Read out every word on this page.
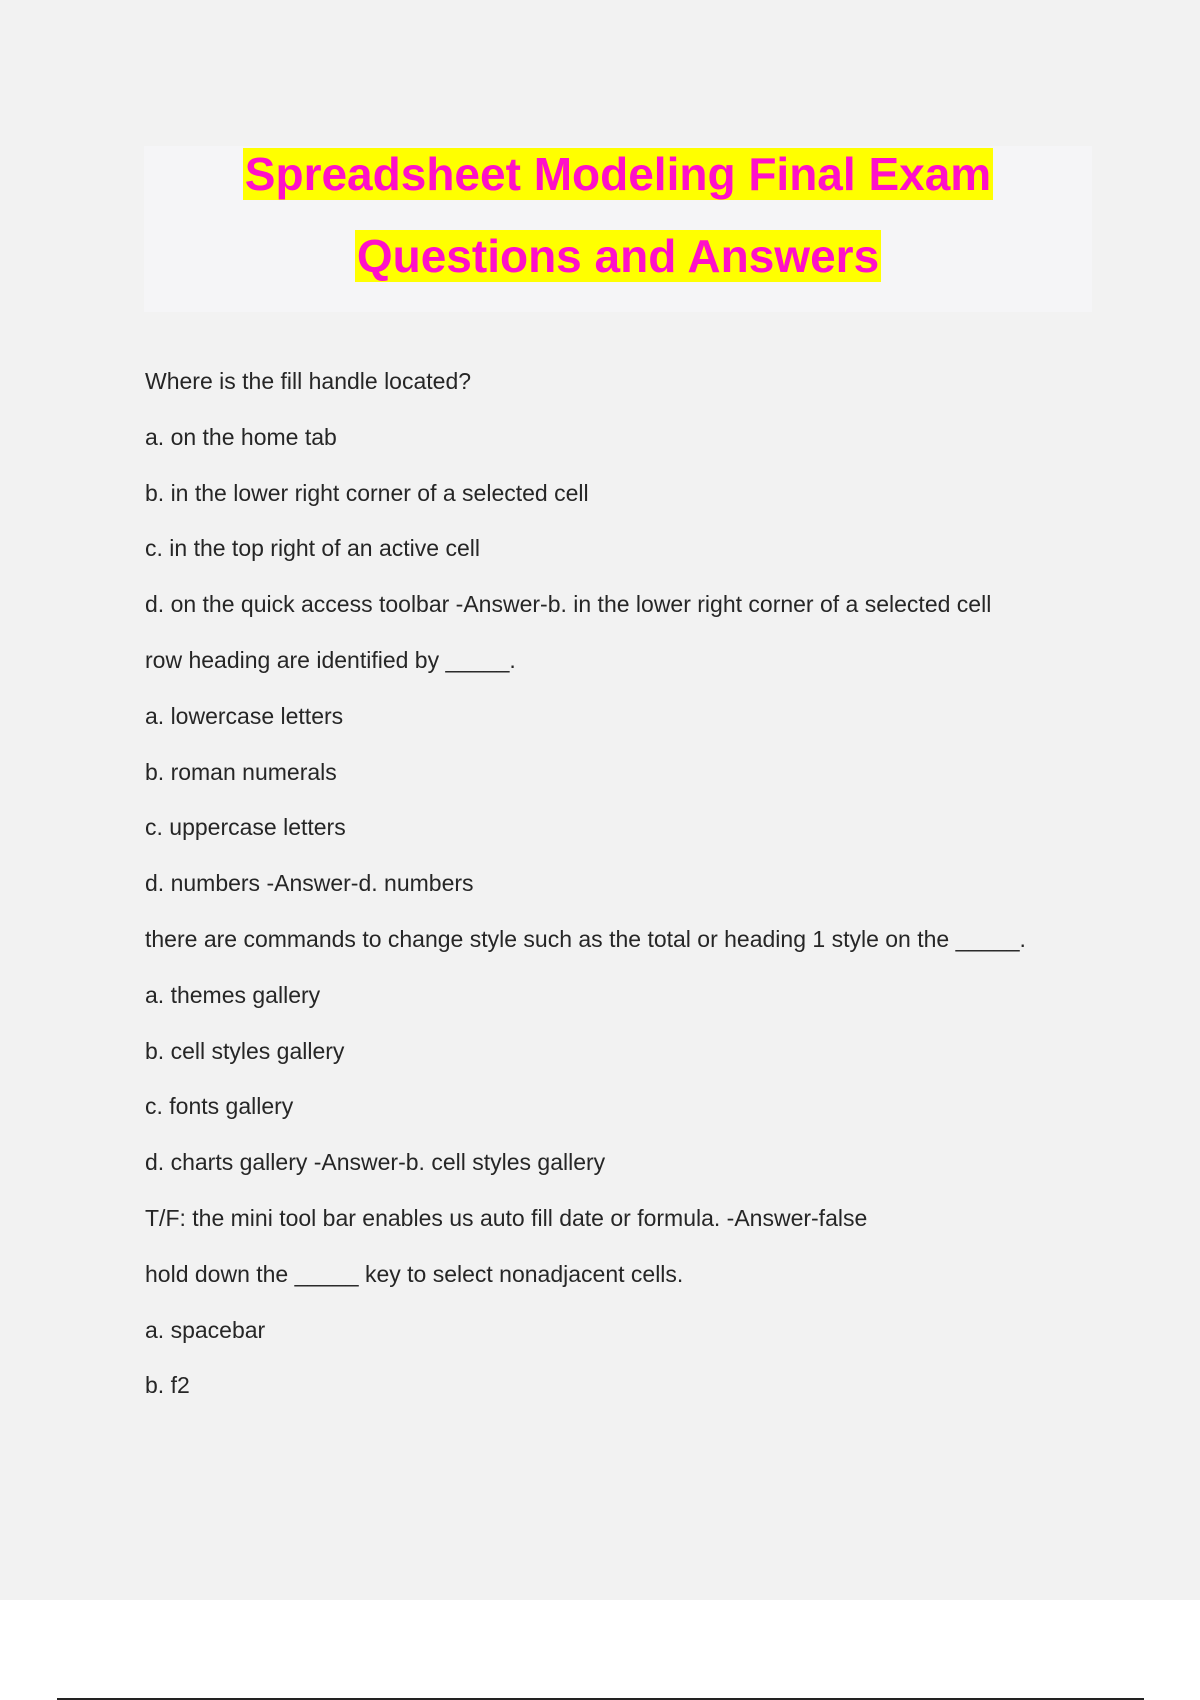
Spreadsheet Modeling Final Exam
Questions and Answers
Where is the fill handle located?
a. on the home tab
b. in the lower right corner of a selected cell
c. in the top right of an active cell
d. on the quick access toolbar -Answer-b. in the lower right corner of a selected cell
row heading are identified by _____.
a. lowercase letters
b. roman numerals
c. uppercase letters
d. numbers -Answer-d. numbers
there are commands to change style such as the total or heading 1 style on the _____.
a. themes gallery
b. cell styles gallery
c. fonts gallery
d. charts gallery -Answer-b. cell styles gallery
T/F: the mini tool bar enables us auto fill date or formula. -Answer-false
hold down the _____ key to select nonadjacent cells.
a. spacebar
b. f2
